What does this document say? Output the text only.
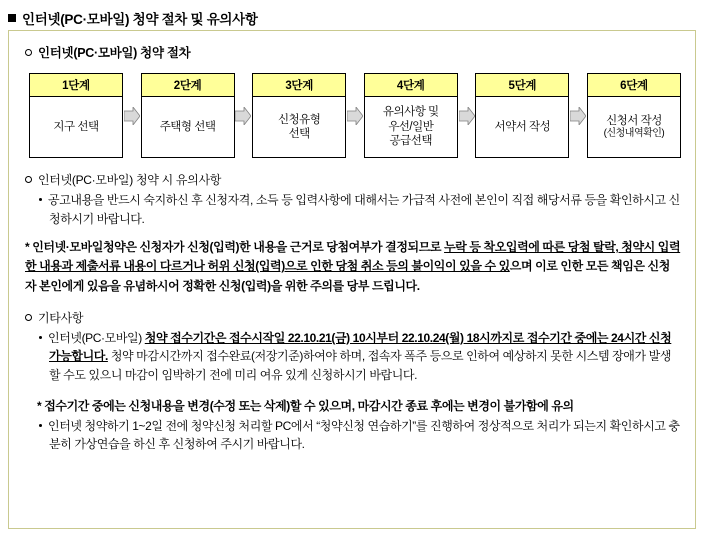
인터넷(PC·모바일) 청약 절차 및 유의사항
인터넷(PC·모바일) 청약 절차
1단계
지구 선택
2단계
주택형 선택
3단계
신청유형
선택
4단계
유의사항 및
우선/일반
공급선택
5단계
서약서 작성
6단계
신청서 작성
(신청내역확인)
인터넷(PC·모바일) 청약 시 유의사항
공고내용을 반드시 숙지하신 후 신청자격, 소득 등 입력사항에 대해서는 가급적 사전에 본인이 직접 해당서류 등을 확인하시고 신청하시기 바랍니다.
* 인터넷·모바일청약은 신청자가 신청(입력)한 내용을 근거로 당첨여부가 결정되므로 누락 등 착오입력에 따른 당첨 탈락, 청약시 입력한 내용과 제출서류 내용이 다르거나 허위 신청(입력)으로 인한 당첨 취소 등의 불이익이 있을 수 있으며 이로 인한 모든 책임은 신청자 본인에게 있음을 유념하시어 정확한 신청(입력)을 위한 주의를 당부 드립니다.
기타사항
인터넷(PC·모바일) 청약 접수기간은 접수시작일 22.10.21(금) 10시부터 22.10.24(월) 18시까지로 접수기간 중에는 24시간 신청 가능합니다. 청약 마감시간까지 접수완료(저장기준)하여야 하며, 접속자 폭주 등으로 인하여 예상하지 못한 시스템 장애가 발생할 수도 있으니 마감이 임박하기 전에 미리 여유 있게 신청하시기 바랍니다.
* 접수기간 중에는 신청내용을 변경(수정 또는 삭제)할 수 있으며, 마감시간 종료 후에는 변경이 불가함에 유의
인터넷 청약하기 1~2일 전에 청약신청 처리할 PC에서 “청약신청 연습하기”를 진행하여 정상적으로 처리가 되는지 확인하시고 충분히 가상연습을 하신 후 신청하여 주시기 바랍니다.
